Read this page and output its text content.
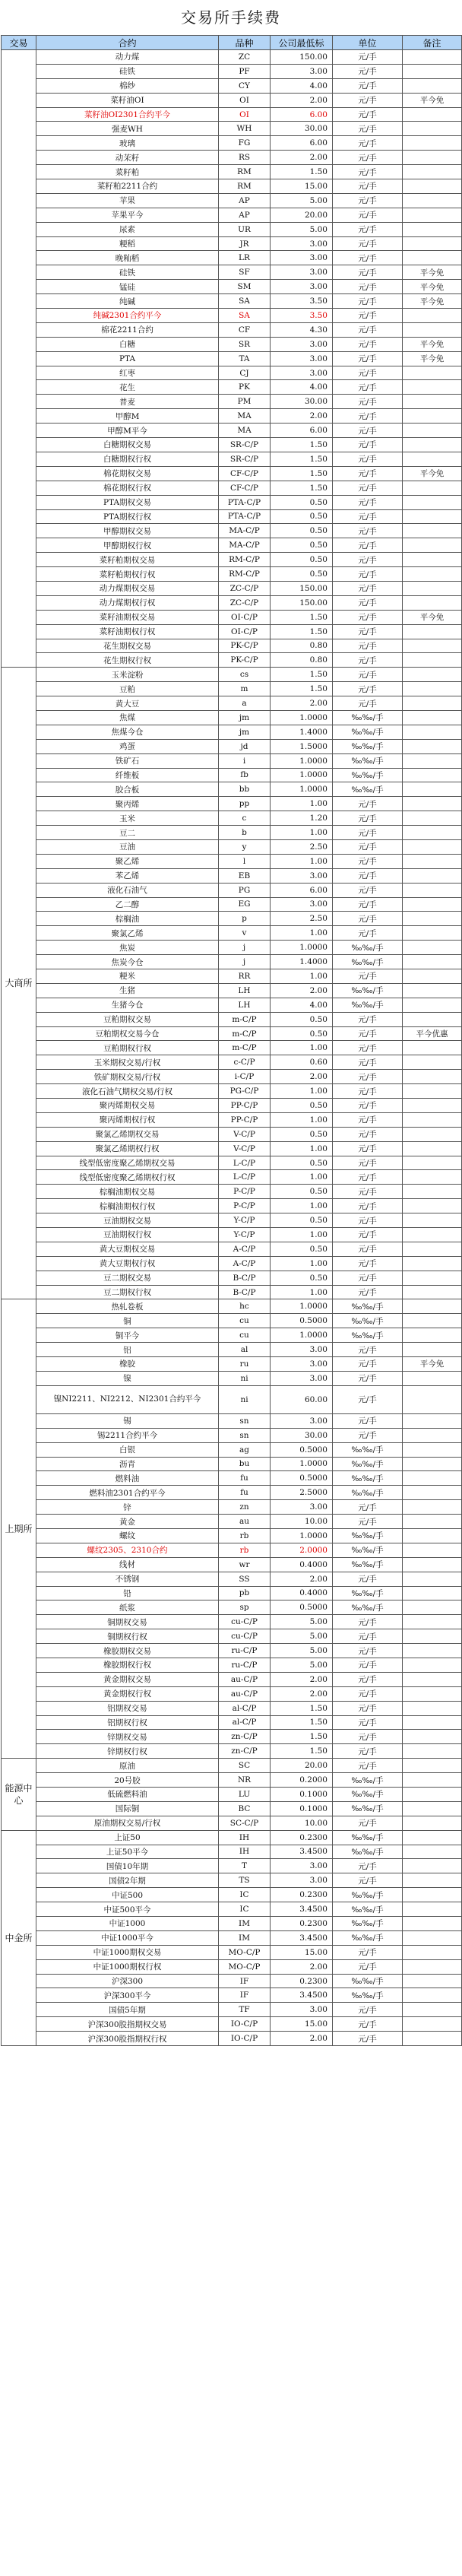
交易所手续费
交易	合约	品种	公司最低标	单位	备注
	动力煤	ZC	150.00	元/手	
	硅铁	PF	3.00	元/手	
	棉纱	CY	4.00	元/手	
	菜籽油OI	OI	2.00	元/手	平今免
	菜籽油OI2301合约平今	OI	6.00	元/手	
	强麦WH	WH	30.00	元/手	
	玻璃	FG	6.00	元/手	
	动茉籽	RS	2.00	元/手	
	菜籽粕	RM	1.50	元/手	
	菜籽粕2211合约	RM	15.00	元/手	
	苹果	AP	5.00	元/手	
	苹果平今	AP	20.00	元/手	
	尿素	UR	5.00	元/手	
	粳稻	JR	3.00	元/手	
	晚籼稻	LR	3.00	元/手	
	硅铁	SF	3.00	元/手	平今免
	锰硅	SM	3.00	元/手	平今免
	纯碱	SA	3.50	元/手	平今免
	纯碱2301合约平今	SA	3.50	元/手	
	棉花2211合约	CF	4.30	元/手	
	白糖	SR	3.00	元/手	平今免
	PTA	TA	3.00	元/手	平今免
	红枣	CJ	3.00	元/手	
	花生	PK	4.00	元/手	
	普麦	PM	30.00	元/手	
	甲醇M	MA	2.00	元/手	
	甲醇M平今	MA	6.00	元/手	
	白糖期权交易	SR-C/P	1.50	元/手	
	白糖期权行权	SR-C/P	1.50	元/手	
	棉花期权交易	CF-C/P	1.50	元/手	平今免
	棉花期权行权	CF-C/P	1.50	元/手	
	PTA期权交易	PTA-C/P	0.50	元/手	
	PTA期权行权	PTA-C/P	0.50	元/手	
	甲醇期权交易	MA-C/P	0.50	元/手	
	甲醇期权行权	MA-C/P	0.50	元/手	
	菜籽粕期权交易	RM-C/P	0.50	元/手	
	菜籽粕期权行权	RM-C/P	0.50	元/手	
	动力煤期权交易	ZC-C/P	150.00	元/手	
	动力煤期权行权	ZC-C/P	150.00	元/手	
	菜籽油期权交易	OI-C/P	1.50	元/手	平今免
	菜籽油期权行权	OI-C/P	1.50	元/手	
	花生期权交易	PK-C/P	0.80	元/手	
	花生期权行权	PK-C/P	0.80	元/手	
大商所	玉米淀粉	cs	1.50	元/手	
	豆粕	m	1.50	元/手	
	黄大豆	a	2.00	元/手	
	焦煤	jm	1.0000	‰‰/手	
	焦煤今仓	jm	1.4000	‰‰/手	
	鸡蛋	jd	1.5000	‰‰/手	
	铁矿石	i	1.0000	‰‰/手	
	纤维板	fb	1.0000	‰‰/手	
	胶合板	bb	1.0000	‰‰/手	
	聚丙烯	pp	1.00	元/手	
	玉米	c	1.20	元/手	
	豆二	b	1.00	元/手	
	豆油	y	2.50	元/手	
	聚乙烯	l	1.00	元/手	
	苯乙烯	EB	3.00	元/手	
	液化石油气	PG	6.00	元/手	
	乙二醇	EG	3.00	元/手	
	棕榈油	p	2.50	元/手	
	聚氯乙烯	v	1.00	元/手	
	焦炭	j	1.0000	‰‰/手	
	焦炭今仓	j	1.4000	‰‰/手	
	粳米	RR	1.00	元/手	
	生猪	LH	2.00	‰‰/手	
	生猪今仓	LH	4.00	‰‰/手	
	豆粕期权交易	m-C/P	0.50	元/手	
	豆粕期权交易今仓	m-C/P	0.50	元/手	平今优惠
	豆粕期权行权	m-C/P	1.00	元/手	
	玉米期权交易/行权	c-C/P	0.60	元/手	
	铁矿期权交易/行权	i-C/P	2.00	元/手	
	液化石油气期权交易/行权	PG-C/P	1.00	元/手	
	聚丙烯期权交易	PP-C/P	0.50	元/手	
	聚丙烯期权行权	PP-C/P	1.00	元/手	
	聚氯乙烯期权交易	V-C/P	0.50	元/手	
	聚氯乙烯期权行权	V-C/P	1.00	元/手	
	线型低密度聚乙烯期权交易	L-C/P	0.50	元/手	
	线型低密度聚乙烯期权行权	L-C/P	1.00	元/手	
	棕榈油期权交易	P-C/P	0.50	元/手	
	棕榈油期权行权	P-C/P	1.00	元/手	
	豆油期权交易	Y-C/P	0.50	元/手	
	豆油期权行权	Y-C/P	1.00	元/手	
	黄大豆期权交易	A-C/P	0.50	元/手	
	黄大豆期权行权	A-C/P	1.00	元/手	
	豆二期权交易	B-C/P	0.50	元/手	
	豆二期权行权	B-C/P	1.00	元/手	
上期所	热轧卷板	hc	1.0000	‰‰/手	
	铜	cu	0.5000	‰‰/手	
	铜平今	cu	1.0000	‰‰/手	
	铝	al	3.00	元/手	
	橡胶	ru	3.00	元/手	平今免
	镍	ni	3.00	元/手	
	镍NI2211、NI2212、NI2301合约平今	ni	60.00	元/手	
	锡	sn	3.00	元/手	
	锡2211合约平今	sn	30.00	元/手	
	白银	ag	0.5000	‰‰/手	
	沥青	bu	1.0000	‰‰/手	
	燃料油	fu	0.5000	‰‰/手	
	燃料油2301合约平今	fu	2.5000	‰‰/手	
	锌	zn	3.00	元/手	
	黄金	au	10.00	元/手	
	螺纹	rb	1.0000	‰‰/手	
	螺纹2305、2310合约	rb	2.0000	‰‰/手	
	线材	wr	0.4000	‰‰/手	
	不锈钢	SS	2.00	元/手	
	铅	pb	0.4000	‰‰/手	
	纸浆	sp	0.5000	‰‰/手	
	铜期权交易	cu-C/P	5.00	元/手	
	铜期权行权	cu-C/P	5.00	元/手	
	橡胶期权交易	ru-C/P	5.00	元/手	
	橡胶期权行权	ru-C/P	5.00	元/手	
	黄金期权交易	au-C/P	2.00	元/手	
	黄金期权行权	au-C/P	2.00	元/手	
	铝期权交易	al-C/P	1.50	元/手	
	铝期权行权	al-C/P	1.50	元/手	
	锌期权交易	zn-C/P	1.50	元/手	
	锌期权行权	zn-C/P	1.50	元/手	
能源中心	原油	SC	20.00	元/手	
	20号胶	NR	0.2000	‰‰/手	
	低硫燃料油	LU	0.1000	‰‰/手	
	国际铜	BC	0.1000	‰‰/手	
	原油期权交易/行权	SC-C/P	10.00	元/手	
中金所	上证50	IH	0.2300	‰‰/手	
	上证50平今	IH	3.4500	‰‰/手	
	国债10年期	T	3.00	元/手	
	国债2年期	TS	3.00	元/手	
	中证500	IC	0.2300	‰‰/手	
	中证500平今	IC	3.4500	‰‰/手	
	中证1000	IM	0.2300	‰‰/手	
	中证1000平今	IM	3.4500	‰‰/手	
	中证1000期权交易	MO-C/P	15.00	元/手	
	中证1000期权行权	MO-C/P	2.00	元/手	
	沪深300	IF	0.2300	‰‰/手	
	沪深300平今	IF	3.4500	‰‰/手	
	国债5年期	TF	3.00	元/手	
	沪深300股指期权交易	IO-C/P	15.00	元/手	
	沪深300股指期权行权	IO-C/P	2.00	元/手	
